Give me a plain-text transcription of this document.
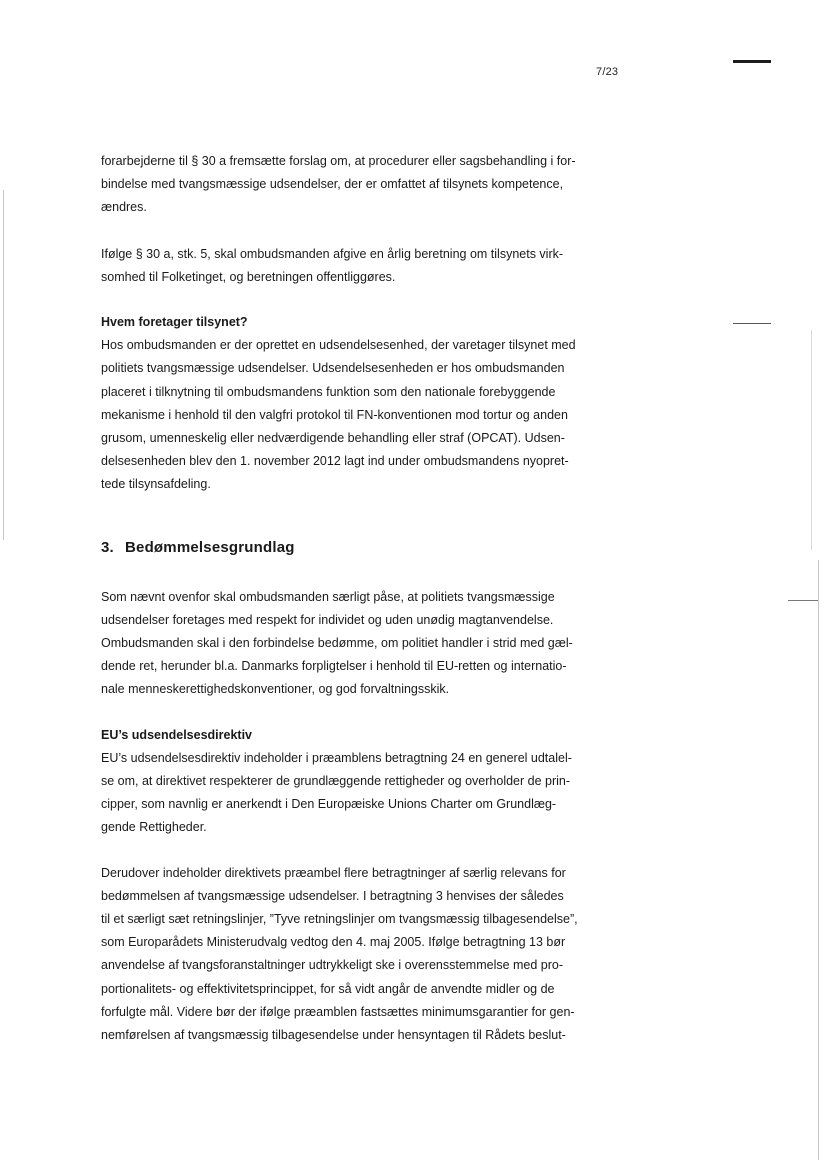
7/23

forarbejderne til § 30 a fremsætte forslag om, at procedurer eller sagsbehandling i for-
bindelse med tvangsmæssige udsendelser, der er omfattet af tilsynets kompetence,
ændres.

Ifølge § 30 a, stk. 5, skal ombudsmanden afgive en årlig beretning om tilsynets virk-
somhed til Folketinget, og beretningen offentliggøres.

Hvem foretager tilsynet?

Hos ombudsmanden er der oprettet en udsendelsesenhed, der varetager tilsynet med
politiets tvangsmæssige udsendelser. Udsendelsesenheden er hos ombudsmanden
placeret i tilknytning til ombudsmandens funktion som den nationale forebyggende
mekanisme i henhold til den valgfri protokol til FN-konventionen mod tortur og anden
grusom, umenneskelig eller nedværdigende behandling eller straf (OPCAT). Udsen-
delsesenheden blev den 1. november 2012 lagt ind under ombudsmandens nyopret-
tede tilsynsafdeling.

3. Bedømmelsesgrundlag

Som nævnt ovenfor skal ombudsmanden særligt påse, at politiets tvangsmæssige
udsendelser foretages med respekt for individet og uden unødig magtanvendelse.
Ombudsmanden skal i den forbindelse bedømme, om politiet handler i strid med gæl-
dende ret, herunder bl.a. Danmarks forpligtelser i henhold til EU-retten og internatio-
nale menneskerettighedskonventioner, og god forvaltningsskik.

EU’s udsendelsesdirektiv

EU’s udsendelsesdirektiv indeholder i præamblens betragtning 24 en generel udtalel-
se om, at direktivet respekterer de grundlæggende rettigheder og overholder de prin-
cipper, som navnlig er anerkendt i Den Europæiske Unions Charter om Grundlæg-
gende Rettigheder.

Derudover indeholder direktivets præambel flere betragtninger af særlig relevans for
bedømmelsen af tvangsmæssige udsendelser. I betragtning 3 henvises der således
til et særligt sæt retningslinjer, ”Tyve retningslinjer om tvangsmæssig tilbagesendelse”,
som Europarådets Ministerudvalg vedtog den 4. maj 2005. Ifølge betragtning 13 bør
anvendelse af tvangsforanstaltninger udtrykkeligt ske i overensstemmelse med pro-
portionalitets- og effektivitetsprincippet, for så vidt angår de anvendte midler og de
forfulgte mål. Videre bør der ifølge præamblen fastsættes minimumsgarantier for gen-
nemførelsen af tvangsmæssig tilbagesendelse under hensyntagen til Rådets beslut-
